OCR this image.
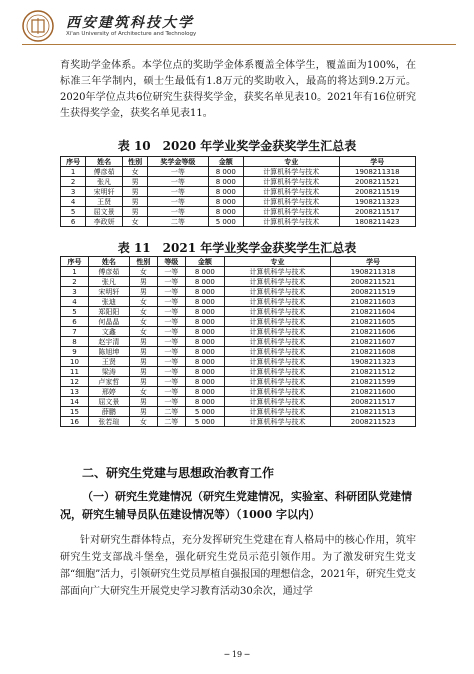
西安建筑科技大学
Xi'an University of Architecture and Technology
育奖助学金体系。本学位点的奖助学金体系覆盖全体学生，覆盖面为100%，在标准三年学制内，硕士生最低有1.8万元的奖助收入，最高的将达到9.2万元。2020年学位点共6位研究生获得奖学金，获奖名单见表10。2021年有16位研究生获得奖学金，获奖名单见表11。
表 10　2020 年学业奖学金获奖学生汇总表
序号	姓名	性别	奖学金等级	金额	专业	学号
1	傅彦茹	女	一等	8 000	计算机科学与技术	1908211318
2	张凡	男	一等	8 000	计算机科学与技术	2008211521
3	宋明轩	男	一等	8 000	计算机科学与技术	2008211519
4	王贤	男	一等	8 000	计算机科学与技术	1908211323
5	屈文景	男	一等	8 000	计算机科学与技术	2008211517
6	李政妍	女	二等	5 000	计算机科学与技术	1808211423
表 11　2021 年学业奖学金获奖学生汇总表
序号	姓名	性别	等级	金额	专业	学号
1	傅彦茹	女	一等	8 000	计算机科学与技术	1908211318
2	张凡	男	一等	8 000	计算机科学与技术	2008211521
3	宋明轩	男	一等	8 000	计算机科学与技术	2008211519
4	张迪	女	一等	8 000	计算机科学与技术	2108211603
5	郑阳阳	女	一等	8 000	计算机科学与技术	2108211604
6	何晶晶	女	一等	8 000	计算机科学与技术	2108211605
7	文鑫	女	一等	8 000	计算机科学与技术	2108211606
8	赵宇清	男	一等	8 000	计算机科学与技术	2108211607
9	陈旭坤	男	一等	8 000	计算机科学与技术	2108211608
10	王贤	男	一等	8 000	计算机科学与技术	1908211323
11	梁涛	男	一等	8 000	计算机科学与技术	2108211512
12	卢家哲	男	一等	8 000	计算机科学与技术	2108211599
13	邢婷	女	一等	8 000	计算机科学与技术	2108211600
14	屈文景	男	一等	8 000	计算机科学与技术	2008211517
15	薛鹏	男	二等	5 000	计算机科学与技术	2108211513
16	张若瑄	女	二等	5 000	计算机科学与技术	2008211523
二、研究生党建与思想政治教育工作
（一）研究生党建情况（研究生党建情况，实验室、科研团队党建情况，研究生辅导员队伍建设情况等）（1000 字以内）
针对研究生群体特点，充分发挥研究生党建在育人格局中的核心作用，筑牢研究生党支部战斗堡垒，强化研究生党员示范引领作用。为了激发研究生党支部“细胞”活力，引领研究生党员厚植自强报国的理想信念，2021年，研究生党支部面向广大研究生开展党史学习教育活动30余次，通过学
─ 19 ─
